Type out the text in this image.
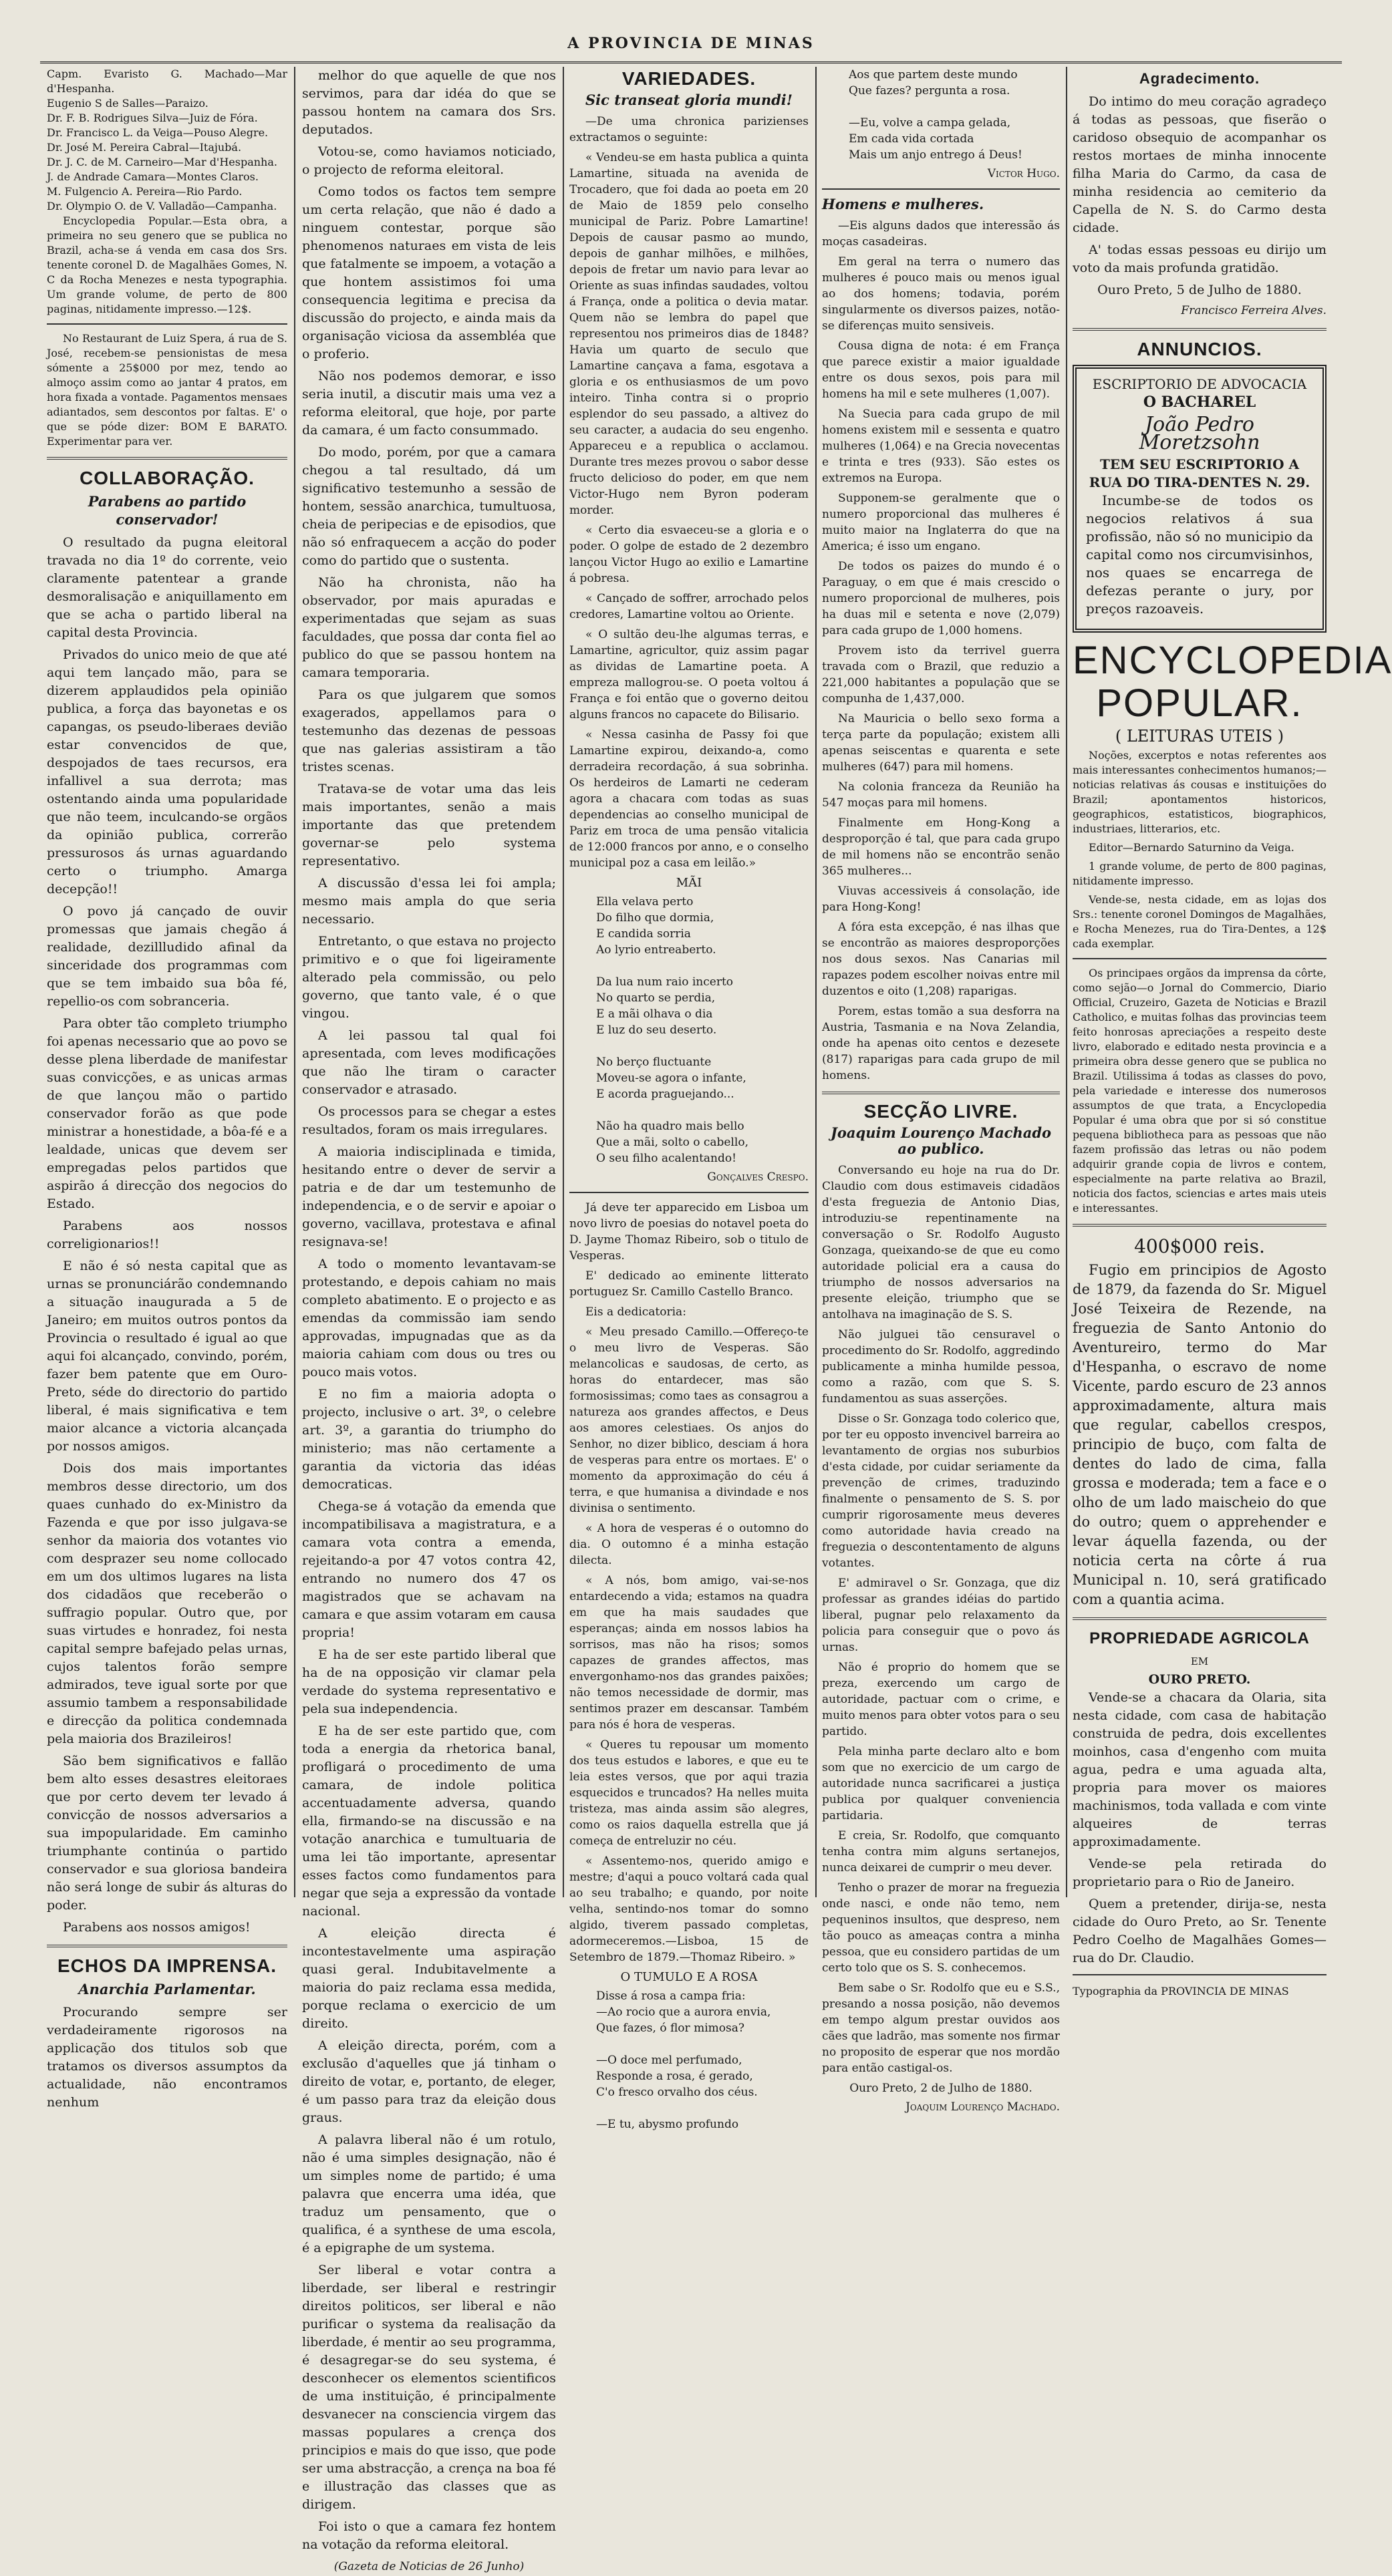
A PROVINCIA DE MINAS
Capm. Evaristo G. Machado—Mar d'Hespanha.
Eugenio S de Salles—Paraizo.
Dr. F. B. Rodrigues Silva—Juiz de Fóra.
Dr. Francisco L. da Veiga—Pouso Alegre.
Dr. José M. Pereira Cabral—Itajubá.
Dr. J. C. de M. Carneiro—Mar d'Hespanha.
J. de Andrade Camara—Montes Claros.
M. Fulgencio A. Pereira—Rio Pardo.
Dr. Olympio O. de V. Valladão—Campanha.

Encyclopedia Popular.—Esta obra, a primeira no seu genero que se publica no Brazil, acha-se á venda em casa dos Srs. tenente coronel D. de Magalhães Gomes, N. C da Rocha Menezes e nesta typographia. Um grande volume, de perto de 800 paginas, nitidamente impresso.—12$.

No Restaurant de Luiz Spera, á rua de S. José, recebem-se pensionistas de mesa sómente a 25$000 por mez, tendo ao almoço assim como ao jantar 4 pratos, em hora fixada a vontade. Pagamentos mensaes adiantados, sem descontos por faltas. E' o que se póde dizer: BOM E BARATO. Experimentar para ver.

COLLABORAÇÃO.
Parabens ao partido conservador!

O resultado da pugna eleitoral travada no dia 1º do corrente, veio claramente patentear a grande desmoralisação e aniquillamento em que se acha o partido liberal na capital desta Provincia.

Privados do unico meio de que até aqui tem lançado mão, para se dizerem applaudidos pela opinião publica, a força das bayonetas e os capangas, os pseudo-liberaes devião estar convencidos de que, despojados de taes recursos, era infallivel a sua derrota; mas ostentando ainda uma popularidade que não teem, inculcando-se orgãos da opinião publica, correrão pressurosos ás urnas aguardando certo o triumpho. Amarga decepção!!

O povo já cançado de ouvir promessas que jamais chegão á realidade, dezillludido afinal da sinceridade dos programmas com que se tem imbaido sua bôa fé, repellio-os com sobranceria.

Para obter tão completo triumpho foi apenas necessario que ao povo se desse plena liberdade de manifestar suas convicções, e as unicas armas de que lançou mão o partido conservador forão as que pode ministrar a honestidade, a bôa-fé e a lealdade, unicas que devem ser empregadas pelos partidos que aspirão á direcção dos negocios do Estado.

Parabens aos nossos correligionarios!!

E não é só nesta capital que as urnas se pronunciárão condemnando a situação inaugurada a 5 de Janeiro; em muitos outros pontos da Provincia o resultado é igual ao que aqui foi alcançado, convindo, porém, fazer bem patente que em Ouro-Preto, séde do directorio do partido liberal, é mais significativa e tem maior alcance a victoria alcançada por nossos amigos.

Dois dos mais importantes membros desse directorio, um dos quaes cunhado do ex-Ministro da Fazenda e que por isso julgava-se senhor da maioria dos votantes vio com desprazer seu nome collocado em um dos ultimos lugares na lista dos cidadãos que receberão o suffragio popular. Outro que, por suas virtudes e honradez, foi nesta capital sempre bafejado pelas urnas, cujos talentos forão sempre admirados, teve igual sorte por que assumio tambem a responsabilidade e direcção da politica condemnada pela maioria dos Brazileiros!

São bem significativos e fallão bem alto esses desastres eleitoraes que por certo devem ter levado á convicção de nossos adversarios a sua impopularidade. Em caminho triumphante continúa o partido conservador e sua gloriosa bandeira não será longe de subir ás alturas do poder.

Parabens aos nossos amigos!

ECHOS DA IMPRENSA.
Anarchia Parlamentar.

Procurando sempre ser verdadeiramente rigorosos na applicação dos titulos sob que tratamos os diversos assumptos da actualidade, não encontramos nenhum

melhor do que aquelle de que nos servimos, para dar idéa do que se passou hontem na camara dos Srs. deputados.

Votou-se, como haviamos noticiado, o projecto de reforma eleitoral.

Como todos os factos tem sempre um certa relação, que não é dado a ninguem contestar, porque são phenomenos naturaes em vista de leis que fatalmente se impoem, a votação a que hontem assistimos foi uma consequencia legitima e precisa da discussão do projecto, e ainda mais da organisação viciosa da assembléa que o proferio.

Não nos podemos demorar, e isso seria inutil, a discutir mais uma vez a reforma eleitoral, que hoje, por parte da camara, é um facto consummado.

Do modo, porém, por que a camara chegou a tal resultado, dá um significativo testemunho a sessão de hontem, sessão anarchica, tumultuosa, cheia de peripecias e de episodios, que não só enfraquecem a acção do poder como do partido que o sustenta.

Não ha chronista, não ha observador, por mais apuradas e experimentadas que sejam as suas faculdades, que possa dar conta fiel ao publico do que se passou hontem na camara temporaria.

Para os que julgarem que somos exagerados, appellamos para o testemunho das dezenas de pessoas que nas galerias assistiram a tão tristes scenas.

Tratava-se de votar uma das leis mais importantes, senão a mais importante das que pretendem governar-se pelo systema representativo.

A discussão d'essa lei foi ampla; mesmo mais ampla do que seria necessario.

Entretanto, o que estava no projecto primitivo e o que foi ligeiramente alterado pela commissão, ou pelo governo, que tanto vale, é o que vingou.

A lei passou tal qual foi apresentada, com leves modificações que não lhe tiram o caracter conservador e atrasado.

Os processos para se chegar a estes resultados, foram os mais irregulares.

A maioria indisciplinada e timida, hesitando entre o dever de servir a patria e de dar um testemunho de independencia, e o de servir e apoiar o governo, vacillava, protestava e afinal resignava-se!

A todo o momento levantavam-se protestando, e depois cahiam no mais completo abatimento. E o projecto e as emendas da commissão iam sendo approvadas, impugnadas que as da maioria cahiam com dous ou tres ou pouco mais votos.

E no fim a maioria adopta o projecto, inclusive o art. 3º, o celebre art. 3º, a garantia do triumpho do ministerio; mas não certamente a garantia da victoria das idéas democraticas.

Chega-se á votação da emenda que incompatibilisava a magistratura, e a camara vota contra a emenda, rejeitando-a por 47 votos contra 42, entrando no numero dos 47 os magistrados que se achavam na camara e que assim votaram em causa propria!

E ha de ser este partido liberal que ha de na opposição vir clamar pela verdade do systema representativo e pela sua independencia.

E ha de ser este partido que, com toda a energia da rhetorica banal, profligará o procedimento de uma camara, de indole politica accentuadamente adversa, quando ella, firmando-se na discussão e na votação anarchica e tumultuaria de uma lei tão importante, apresentar esses factos como fundamentos para negar que seja a expressão da vontade nacional.

A eleição directa é incontestavelmente uma aspiração quasi geral. Indubitavelmente a maioria do paiz reclama essa medida, porque reclama o exercicio de um direito.

A eleição directa, porém, com a exclusão d'aquelles que já tinham o direito de votar, e, portanto, de eleger, é um passo para traz da eleição dous graus.

A palavra liberal não é um rotulo, não é uma simples designação, não é um simples nome de partido; é uma palavra que encerra uma idéa, que traduz um pensamento, que o qualifica, é a synthese de uma escola, é a epigraphe de um systema.

Ser liberal e votar contra a liberdade, ser liberal e restringir direitos politicos, ser liberal e não purificar o systema da realisação da liberdade, é mentir ao seu programma, é desagregar-se do seu systema, é desconhecer os elementos scientificos de uma instituição, é principalmente desvanecer na consciencia virgem das massas populares a crença dos principios e mais do que isso, que pode ser uma abstracção, a crença na boa fé e illustração das classes que as dirigem.

Foi isto o que a camara fez hontem na votação da reforma eleitoral.

(Gazeta de Noticias de 26 Junho)
VARIEDADES.
Sic transeat gloria mundi!

—De uma chronica parizienses extractamos o seguinte:

« Vendeu-se em hasta publica a quinta Lamartine, situada na avenida de Trocadero, que foi dada ao poeta em 20 de Maio de 1859 pelo conselho municipal de Pariz. Pobre Lamartine! Depois de causar pasmo ao mundo, depois de ganhar milhões, e milhões, depois de fretar um navio para levar ao Oriente as suas infindas saudades, voltou á França, onde a politica o devia matar. Quem não se lembra do papel que representou nos primeiros dias de 1848? Havia um quarto de seculo que Lamartine cançava a fama, esgotava a gloria e os enthusiasmos de um povo inteiro. Tinha contra si o proprio esplendor do seu passado, a altivez do seu caracter, a audacia do seu engenho. Appareceu e a republica o acclamou. Durante tres mezes provou o sabor desse fructo delicioso do poder, em que nem Victor-Hugo nem Byron poderam morder.

« Certo dia esvaeceu-se a gloria e o poder. O golpe de estado de 2 dezembro lançou Victor Hugo ao exilio e Lamartine á pobresa.

« Cançado de soffrer, arrochado pelos credores, Lamartine voltou ao Oriente.

« O sultão deu-lhe algumas terras, e Lamartine, agricultor, quiz assim pagar as dividas de Lamartine poeta. A empreza mallogrou-se. O poeta voltou á França e foi então que o governo deitou alguns francos no capacete do Bilisario.

« Nessa casinha de Passy foi que Lamartine expirou, deixando-a, como derradeira recordação, á sua sobrinha. Os herdeiros de Lamarti ne cederam agora a chacara com todas as suas dependencias ao conselho municipal de Pariz em troca de uma pensão vitalicia de 12:000 francos por anno, e o conselho municipal poz a casa em leilão.»

MÃI
Ella velava perto
Do filho que dormia,
E candida sorria
Ao lyrio entreaberto.

Da lua num raio incerto
No quarto se perdia,
E a mãi olhava o dia
E luz do seu deserto.

No berço fluctuante
Moveu-se agora o infante,
E acorda praguejando...

Não ha quadro mais bello
Que a mãi, solto o cabello,
O seu filho acalentando!
Gonçalves Crespo.

Já deve ter apparecido em Lisboa um novo livro de poesias do notavel poeta do D. Jayme Thomaz Ribeiro, sob o titulo de Vesperas.

E' dedicado ao eminente litterato portuguez Sr. Camillo Castello Branco.

Eis a dedicatoria:

« Meu presado Camillo.—Offereço-te o meu livro de Vesperas. São melancolicas e saudosas, de certo, as horas do entardecer, mas são formosissimas; como taes as consagrou a natureza aos grandes affectos, e Deus aos amores celestiaes. Os anjos do Senhor, no dizer biblico, desciam á hora de vesperas para entre os mortaes. E' o momento da approximação do céu á terra, e que humanisa a divindade e nos divinisa o sentimento.

« A hora de vesperas é o outomno do dia. O outomno é a minha estação dilecta.

« A nós, bom amigo, vai-se-nos entardecendo a vida; estamos na quadra em que ha mais saudades que esperanças; ainda em nossos labios ha sorrisos, mas não ha risos; somos capazes de grandes affectos, mas envergonhamo-nos das grandes paixões; não temos necessidade de dormir, mas sentimos prazer em descansar. Também para nós é hora de vesperas.

« Queres tu repousar um momento dos teus estudos e labores, e que eu te leia estes versos, que por aqui trazia esquecidos e truncados? Ha nelles muita tristeza, mas ainda assim são alegres, como os raios daquella estrella que já começa de entreluzir no céu.

« Assentemo-nos, querido amigo e mestre; d'aqui a pouco voltará cada qual ao seu trabalho; e quando, por noite velha, sentindo-nos tomar do somno algido, tiverem passado completas, adormeceremos.—Lisboa, 15 de Setembro de 1879.—Thomaz Ribeiro. »

O TUMULO E A ROSA
Disse á rosa a campa fria:
—Ao rocio que a aurora envia,
Que fazes, ó flor mimosa?

—O doce mel perfumado,
Responde a rosa, é gerado,
C'o fresco orvalho dos céus.

—E tu, abysmo profundo
Aos que partem deste mundo
Que fazes? pergunta a rosa.

—Eu, volve a campa gelada,
Em cada vida cortada
Mais um anjo entrego á Deus!
Victor Hugo.
Homens e mulheres.

—Eis alguns dados que interessão ás moças casadeiras.

Em geral na terra o numero das mulheres é pouco mais ou menos igual ao dos homens; todavia, porém singularmente os diversos paizes, notão-se diferenças muito sensiveis.

Cousa digna de nota: é em França que parece existir a maior igualdade entre os dous sexos, pois para mil homens ha mil e sete mulheres (1,007).

Na Suecia para cada grupo de mil homens existem mil e sessenta e quatro mulheres (1,064) e na Grecia novecentas e trinta e tres (933). São estes os extremos na Europa.

Supponem-se geralmente que o numero proporcional das mulheres é muito maior na Inglaterra do que na America; é isso um engano.

De todos os paizes do mundo é o Paraguay, o em que é mais crescido o numero proporcional de mulheres, pois ha duas mil e setenta e nove (2,079) para cada grupo de 1,000 homens.

Provem isto da terrivel guerra travada com o Brazil, que reduzio a 221,000 habitantes a população que se compunha de 1,437,000.

Na Mauricia o bello sexo forma a terça parte da população; existem alli apenas seiscentas e quarenta e sete mulheres (647) para mil homens.

Na colonia franceza da Reunião ha 547 moças para mil homens.

Finalmente em Hong-Kong a desproporção é tal, que para cada grupo de mil homens não se encontrão senão 365 mulheres...

Viuvas accessiveis á consolação, ide para Hong-Kong!

A fóra esta excepção, é nas ilhas que se encontrão as maiores desproporções nos dous sexos. Nas Canarias mil rapazes podem escolher noivas entre mil duzentos e oito (1,208) raparigas.

Porem, estas tomão a sua desforra na Austria, Tasmania e na Nova Zelandia, onde ha apenas oito centos e dezesete (817) raparigas para cada grupo de mil homens.

SECÇÃO LIVRE.
Joaquim Lourenço Machado ao publico.

Conversando eu hoje na rua do Dr. Claudio com dous estimaveis cidadãos d'esta freguezia de Antonio Dias, introduziu-se repentinamente na conversação o Sr. Rodolfo Augusto Gonzaga, queixando-se de que eu como autoridade policial era a causa do triumpho de nossos adversarios na presente eleição, triumpho que se antolhava na imaginação de S. S.

Não julguei tão censuravel o procedimento do Sr. Rodolfo, aggredindo publicamente a minha humilde pessoa, como a razão, com que S. S. fundamentou as suas asserções.

Disse o Sr. Gonzaga todo colerico que, por ter eu opposto invencivel barreira ao levantamento de orgias nos suburbios d'esta cidade, por cuidar seriamente da prevenção de crimes, traduzindo finalmente o pensamento de S. S. por cumprir rigorosamente meus deveres como autoridade havia creado na freguezia o descontentamento de alguns votantes.

E' admiravel o Sr. Gonzaga, que diz professar as grandes idéias do partido liberal, pugnar pelo relaxamento da policia para conseguir que o povo ás urnas.

Não é proprio do homem que se preza, exercendo um cargo de autoridade, pactuar com o crime, e muito menos para obter votos para o seu partido.

Pela minha parte declaro alto e bom som que no exercicio de um cargo de autoridade nunca sacrificarei a justiça publica por qualquer conveniencia partidaria.

E creia, Sr. Rodolfo, que comquanto tenha contra mim alguns sertanejos, nunca deixarei de cumprir o meu dever.

Tenho o prazer de morar na freguezia onde nasci, e onde não temo, nem pequeninos insultos, que despreso, nem tão pouco as ameaças contra a minha pessoa, que eu considero partidas de um certo tolo que os S. S. conhecemos.

Bem sabe o Sr. Rodolfo que eu e S.S., presando a nossa posição, não devemos em tempo algum prestar ouvidos aos cães que ladrão, mas somente nos firmar no proposito de esperar que nos mordão para então castigal-os.

Ouro Preto, 2 de Julho de 1880.
Joaquim Lourenço Machado.
Agradecimento.

Do intimo do meu coração agradeço á todas as pessoas, que fiserão o caridoso obsequio de acompanhar os restos mortaes de minha innocente filha Maria do Carmo, da casa de minha residencia ao cemiterio da Capella de N. S. do Carmo desta cidade.

A' todas essas pessoas eu dirijo um voto da mais profunda gratidão.

Ouro Preto, 5 de Julho de 1880.
Francisco Ferreira Alves.
ANNUNCIOS.
ESCRIPTORIO DE ADVOCACIA
O BACHAREL
João Pedro Moretzsohn
TEM SEU ESCRIPTORIO A RUA DO TIRA-DENTES N. 29.

Incumbe-se de todos os negocios relativos á sua profissão, não só no municipio da capital como nos circumvisinhos, nos quaes se encarrega de defezas perante o jury, por preços razoaveis.

ENCYCLOPEDIA POPULAR.
( LEITURAS UTEIS )

Noções, excerptos e notas referentes aos mais interessantes conhecimentos humanos;—noticias relativas ás cousas e instituições do Brazil; apontamentos historicos, geographicos, estatisticos, biographicos, industriaes, litterarios, etc.

Editor—Bernardo Saturnino da Veiga.

1 grande volume, de perto de 800 paginas, nitidamente impresso.

Vende-se, nesta cidade, em as lojas dos Srs.: tenente coronel Domingos de Magalhães, e Rocha Menezes, rua do Tira-Dentes, a 12$ cada exemplar.

Os principaes orgãos da imprensa da côrte, como sejão—o Jornal do Commercio, Diario Official, Cruzeiro, Gazeta de Noticias e Brazil Catholico, e muitas folhas das provincias teem feito honrosas apreciações a respeito deste livro, elaborado e editado nesta provincia e a primeira obra desse genero que se publica no Brazil. Utilissima á todas as classes do povo, pela variedade e interesse dos numerosos assumptos de que trata, a Encyclopedia Popular é uma obra que por si só constitue pequena bibliotheca para as pessoas que não fazem profissão das letras ou não podem adquirir grande copia de livros e contem, especialmente na parte relativa ao Brazil, noticia dos factos, sciencias e artes mais uteis e interessantes.

400$000 reis.

Fugio em principios de Agosto de 1879, da fazenda do Sr. Miguel José Teixeira de Rezende, na freguezia de Santo Antonio do Aventureiro, termo do Mar d'Hespanha, o escravo de nome Vicente, pardo escuro de 23 annos approximadamente, altura mais que regular, cabellos crespos, principio de buço, com falta de dentes do lado de cima, falla grossa e moderada; tem a face e o olho de um lado maischeio do que do outro; quem o apprehender e levar áquella fazenda, ou der noticia certa na côrte á rua Municipal n. 10, será gratificado com a quantia acima.

PROPRIEDADE AGRICOLA
EM
OURO PRETO.

Vende-se a chacara da Olaria, sita nesta cidade, com casa de habitação construida de pedra, dois excellentes moinhos, casa d'engenho com muita agua, pedra e uma aguada alta, propria para mover os maiores machinismos, toda vallada e com vinte alqueires de terras approximadamente.

Vende-se pela retirada do proprietario para o Rio de Janeiro.

Quem a pretender, dirija-se, nesta cidade do Ouro Preto, ao Sr. Tenente Pedro Coelho de Magalhães Gomes—rua do Dr. Claudio.

Typographia da PROVINCIA DE MINAS
